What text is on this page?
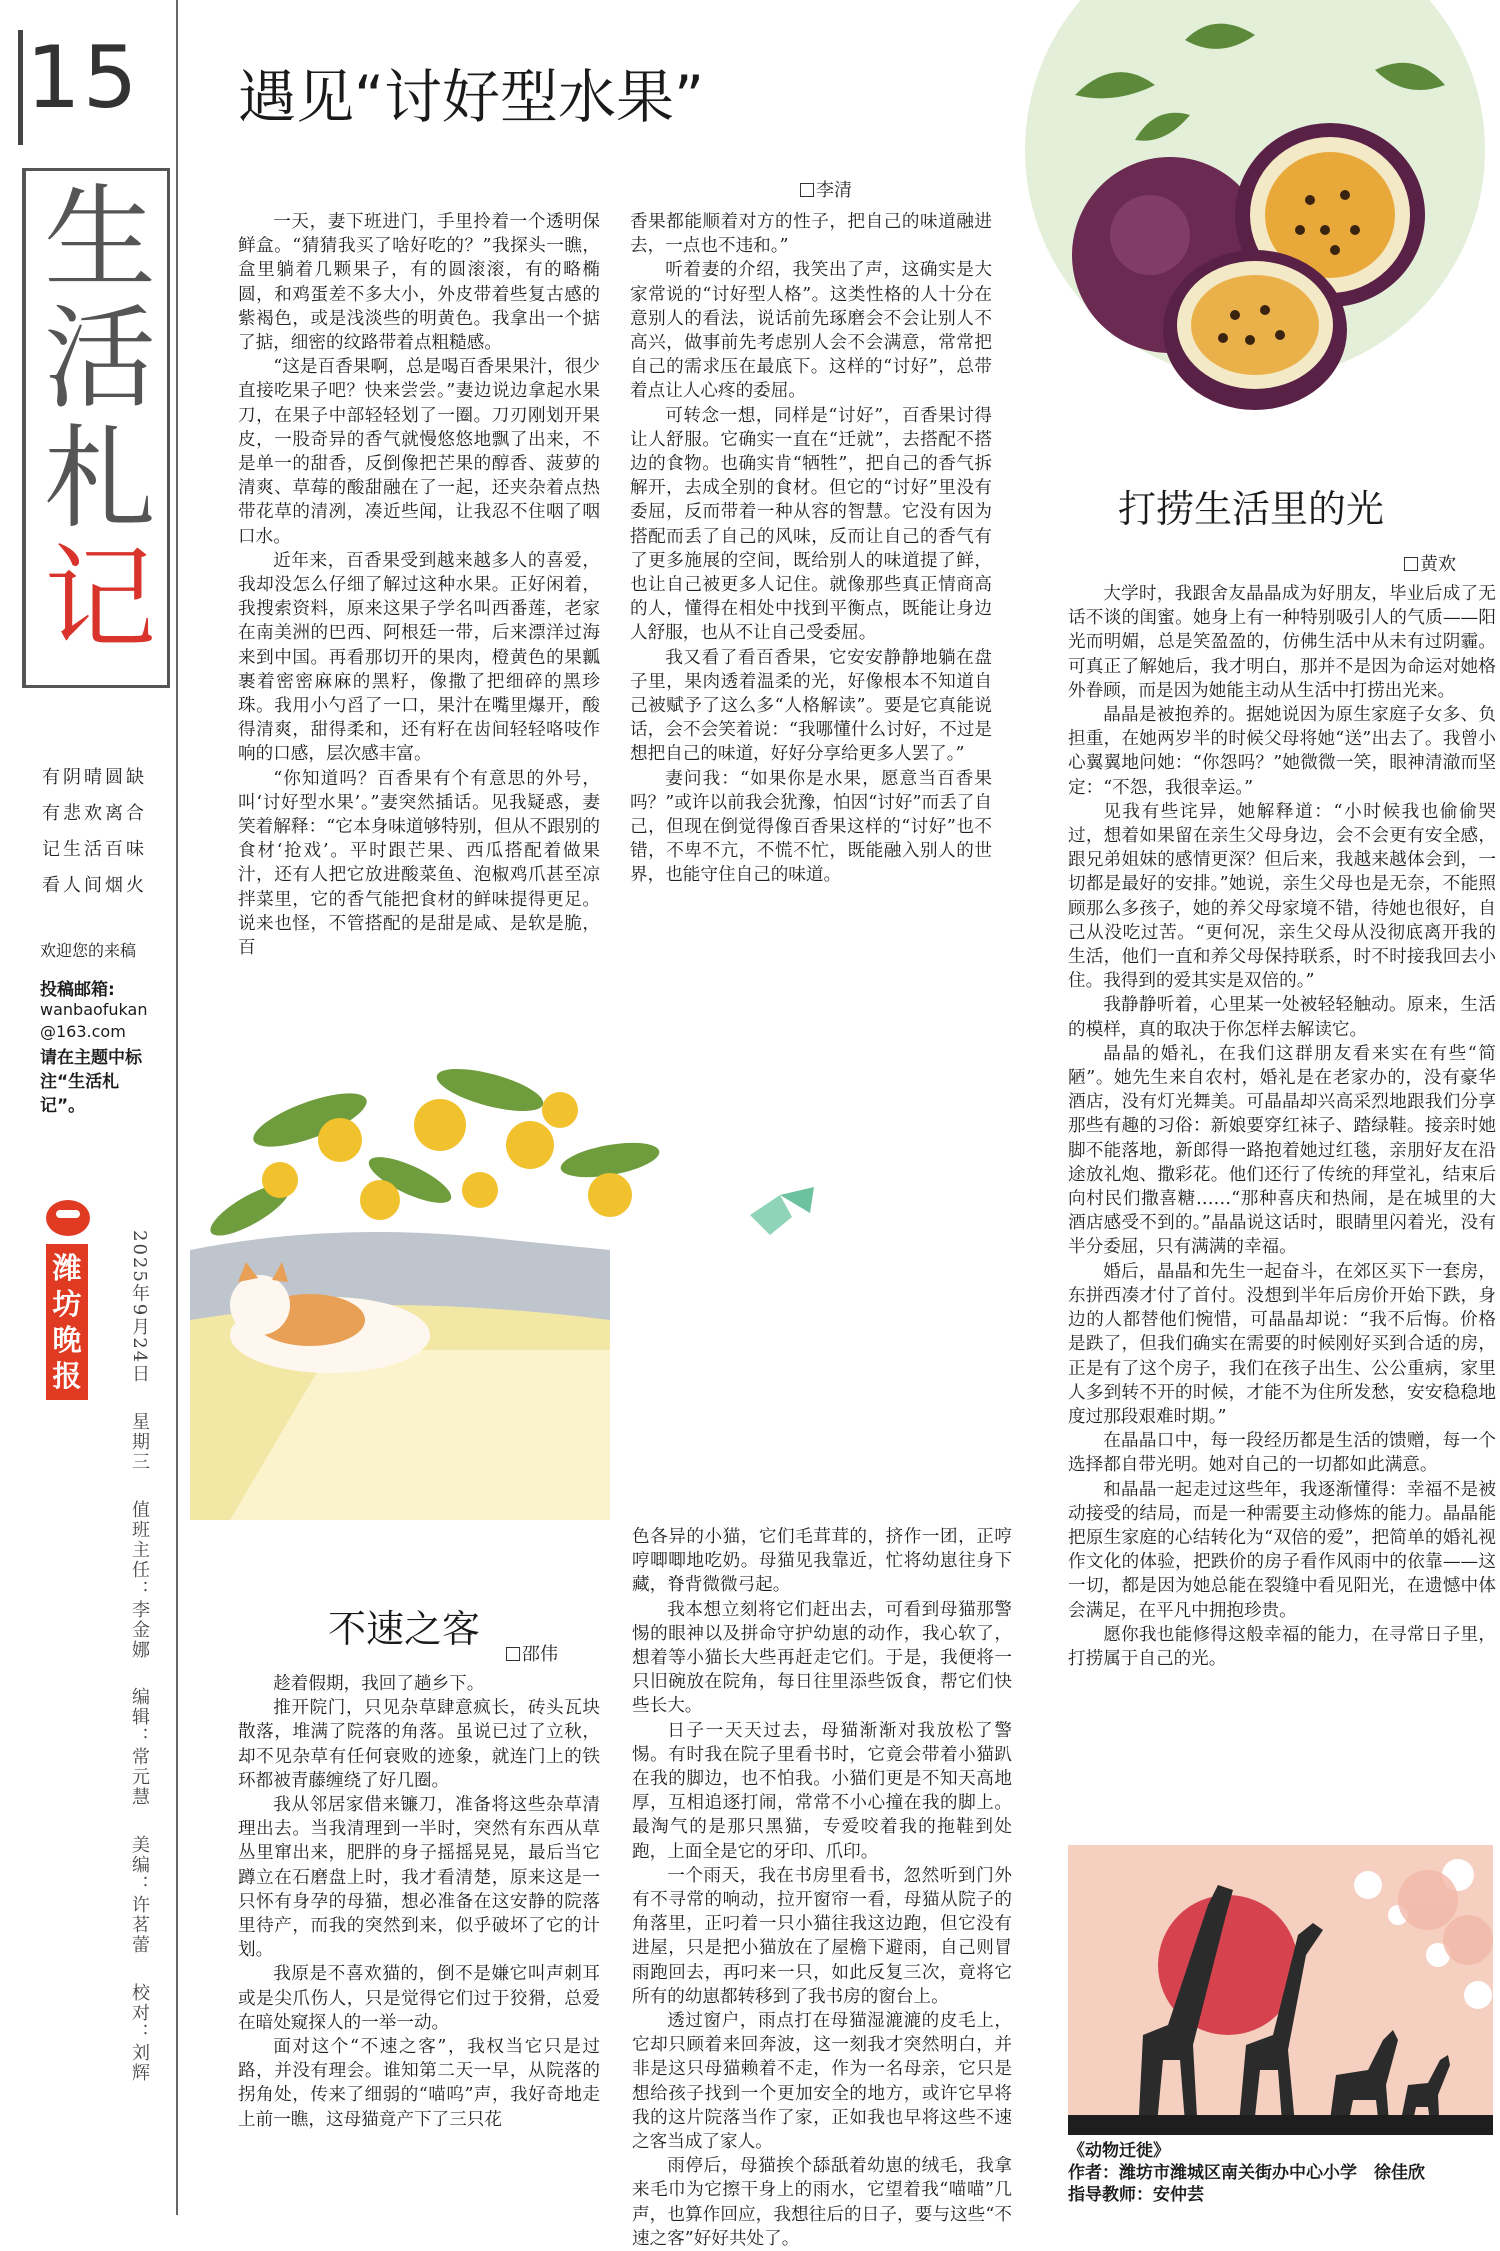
15
生
活
札
记
有阴晴圆缺
有悲欢离合
记生活百味
看人间烟火
欢迎您的来稿
投稿邮箱:
wanbaofukan
@163.com
请在主题中标注“生活札记”。
潍坊晚报	2025年9月24日 星期三 值班主任：李金娜 编辑：常元慧 美编：许茗蕾 校对：刘辉
遇见“讨好型水果”
李清

一天，妻下班进门，手里拎着一个透明保鲜盒。“猜猜我买了啥好吃的？”我探头一瞧，盒里躺着几颗果子，有的圆滚滚，有的略椭圆，和鸡蛋差不多大小，外皮带着些复古感的紫褐色，或是浅淡些的明黄色。我拿出一个掂了掂，细密的纹路带着点粗糙感。

“这是百香果啊，总是喝百香果果汁，很少直接吃果子吧？快来尝尝。”妻边说边拿起水果刀，在果子中部轻轻划了一圈。刀刃刚划开果皮，一股奇异的香气就慢悠悠地飘了出来，不是单一的甜香，反倒像把芒果的醇香、菠萝的清爽、草莓的酸甜融在了一起，还夹杂着点热带花草的清冽，凑近些闻，让我忍不住咽了咽口水。

近年来，百香果受到越来越多人的喜爱，我却没怎么仔细了解过这种水果。正好闲着，我搜索资料，原来这果子学名叫西番莲，老家在南美洲的巴西、阿根廷一带，后来漂洋过海来到中国。再看那切开的果肉，橙黄色的果瓤裹着密密麻麻的黑籽，像撒了把细碎的黑珍珠。我用小勺舀了一口，果汁在嘴里爆开，酸得清爽，甜得柔和，还有籽在齿间轻轻咯吱作响的口感，层次感丰富。

“你知道吗？百香果有个有意思的外号，叫‘讨好型水果’。”妻突然插话。见我疑惑，妻笑着解释：“它本身味道够特别，但从不跟别的食材‘抢戏’。平时跟芒果、西瓜搭配着做果汁，还有人把它放进酸菜鱼、泡椒鸡爪甚至凉拌菜里，它的香气能把食材的鲜味提得更足。说来也怪，不管搭配的是甜是咸、是软是脆，百

香果都能顺着对方的性子，把自己的味道融进去，一点也不违和。”

听着妻的介绍，我笑出了声，这确实是大家常说的“讨好型人格”。这类性格的人十分在意别人的看法，说话前先琢磨会不会让别人不高兴，做事前先考虑别人会不会满意，常常把自己的需求压在最底下。这样的“讨好”，总带着点让人心疼的委屈。

可转念一想，同样是“讨好”，百香果讨得让人舒服。它确实一直在“迁就”，去搭配不搭边的食物。也确实肯“牺牲”，把自己的香气拆解开，去成全别的食材。但它的“讨好”里没有委屈，反而带着一种从容的智慧。它没有因为搭配而丢了自己的风味，反而让自己的香气有了更多施展的空间，既给别人的味道提了鲜，也让自己被更多人记住。就像那些真正情商高的人，懂得在相处中找到平衡点，既能让身边人舒服，也从不让自己受委屈。

我又看了看百香果，它安安静静地躺在盘子里，果肉透着温柔的光，好像根本不知道自己被赋予了这么多“人格解读”。要是它真能说话，会不会笑着说：“我哪懂什么讨好，不过是想把自己的味道，好好分享给更多人罢了。”

妻问我：“如果你是水果，愿意当百香果吗？”或许以前我会犹豫，怕因“讨好”而丢了自己，但现在倒觉得像百香果这样的“讨好”也不错，不卑不亢，不慌不忙，既能融入别人的世界，也能守住自己的味道。

打捞生活里的光
黄欢

大学时，我跟舍友晶晶成为好朋友，毕业后成了无话不谈的闺蜜。她身上有一种特别吸引人的气质——阳光而明媚，总是笑盈盈的，仿佛生活中从未有过阴霾。可真正了解她后，我才明白，那并不是因为命运对她格外眷顾，而是因为她能主动从生活中打捞出光来。

晶晶是被抱养的。据她说因为原生家庭子女多、负担重，在她两岁半的时候父母将她“送”出去了。我曾小心翼翼地问她：“你怨吗？”她微微一笑，眼神清澈而坚定：“不怨，我很幸运。”

见我有些诧异，她解释道：“小时候我也偷偷哭过，想着如果留在亲生父母身边，会不会更有安全感，跟兄弟姐妹的感情更深？但后来，我越来越体会到，一切都是最好的安排。”她说，亲生父母也是无奈，不能照顾那么多孩子，她的养父母家境不错，待她也很好，自己从没吃过苦。“更何况，亲生父母从没彻底离开我的生活，他们一直和养父母保持联系，时不时接我回去小住。我得到的爱其实是双倍的。”

我静静听着，心里某一处被轻轻触动。原来，生活的模样，真的取决于你怎样去解读它。

晶晶的婚礼，在我们这群朋友看来实在有些“简陋”。她先生来自农村，婚礼是在老家办的，没有豪华酒店，没有灯光舞美。可晶晶却兴高采烈地跟我们分享那些有趣的习俗：新娘要穿红袜子、踏绿鞋。接亲时她脚不能落地，新郎得一路抱着她过红毯，亲朋好友在沿途放礼炮、撒彩花。他们还行了传统的拜堂礼，结束后向村民们撒喜糖……“那种喜庆和热闹，是在城里的大酒店感受不到的。”晶晶说这话时，眼睛里闪着光，没有半分委屈，只有满满的幸福。

婚后，晶晶和先生一起奋斗，在郊区买下一套房，东拼西凑才付了首付。没想到半年后房价开始下跌，身边的人都替他们惋惜，可晶晶却说：“我不后悔。价格是跌了，但我们确实在需要的时候刚好买到合适的房，正是有了这个房子，我们在孩子出生、公公重病，家里人多到转不开的时候，才能不为住所发愁，安安稳稳地度过那段艰难时期。”

在晶晶口中，每一段经历都是生活的馈赠，每一个选择都自带光明。她对自己的一切都如此满意。

和晶晶一起走过这些年，我逐渐懂得：幸福不是被动接受的结局，而是一种需要主动修炼的能力。晶晶能把原生家庭的心结转化为“双倍的爱”，把简单的婚礼视作文化的体验，把跌价的房子看作风雨中的依靠——这一切，都是因为她总能在裂缝中看见阳光，在遗憾中体会满足，在平凡中拥抱珍贵。

愿你我也能修得这般幸福的能力，在寻常日子里，打捞属于自己的光。

不速之客
邵伟

趁着假期，我回了趟乡下。

推开院门，只见杂草肆意疯长，砖头瓦块散落，堆满了院落的角落。虽说已过了立秋，却不见杂草有任何衰败的迹象，就连门上的铁环都被青藤缠绕了好几圈。

我从邻居家借来镰刀，准备将这些杂草清理出去。当我清理到一半时，突然有东西从草丛里窜出来，肥胖的身子摇摇晃晃，最后当它蹲立在石磨盘上时，我才看清楚，原来这是一只怀有身孕的母猫，想必准备在这安静的院落里待产，而我的突然到来，似乎破坏了它的计划。

我原是不喜欢猫的，倒不是嫌它叫声刺耳或是尖爪伤人，只是觉得它们过于狡猾，总爱在暗处窥探人的一举一动。

面对这个“不速之客”，我权当它只是过路，并没有理会。谁知第二天一早，从院落的拐角处，传来了细弱的“喵呜”声，我好奇地走上前一瞧，这母猫竟产下了三只花

色各异的小猫，它们毛茸茸的，挤作一团，正哼哼唧唧地吃奶。母猫见我靠近，忙将幼崽往身下藏，脊背微微弓起。

我本想立刻将它们赶出去，可看到母猫那警惕的眼神以及拼命守护幼崽的动作，我心软了，想着等小猫长大些再赶走它们。于是，我便将一只旧碗放在院角，每日往里添些饭食，帮它们快些长大。

日子一天天过去，母猫渐渐对我放松了警惕。有时我在院子里看书时，它竟会带着小猫趴在我的脚边，也不怕我。小猫们更是不知天高地厚，互相追逐打闹，常常不小心撞在我的脚上。最淘气的是那只黑猫，专爱咬着我的拖鞋到处跑，上面全是它的牙印、爪印。

一个雨天，我在书房里看书，忽然听到门外有不寻常的响动，拉开窗帘一看，母猫从院子的角落里，正叼着一只小猫往我这边跑，但它没有进屋，只是把小猫放在了屋檐下避雨，自己则冒雨跑回去，再叼来一只，如此反复三次，竟将它所有的幼崽都转移到了我书房的窗台上。

透过窗户，雨点打在母猫湿漉漉的皮毛上，它却只顾着来回奔波，这一刻我才突然明白，并非是这只母猫赖着不走，作为一名母亲，它只是想给孩子找到一个更加安全的地方，或许它早将我的这片院落当作了家，正如我也早将这些不速之客当成了家人。

雨停后，母猫挨个舔舐着幼崽的绒毛，我拿来毛巾为它擦干身上的雨水，它望着我“喵喵”几声，也算作回应，我想往后的日子，要与这些“不速之客”好好共处了。

《动物迁徙》
作者：潍坊市潍城区南关街办中心小学　徐佳欣
指导教师：安仲芸
